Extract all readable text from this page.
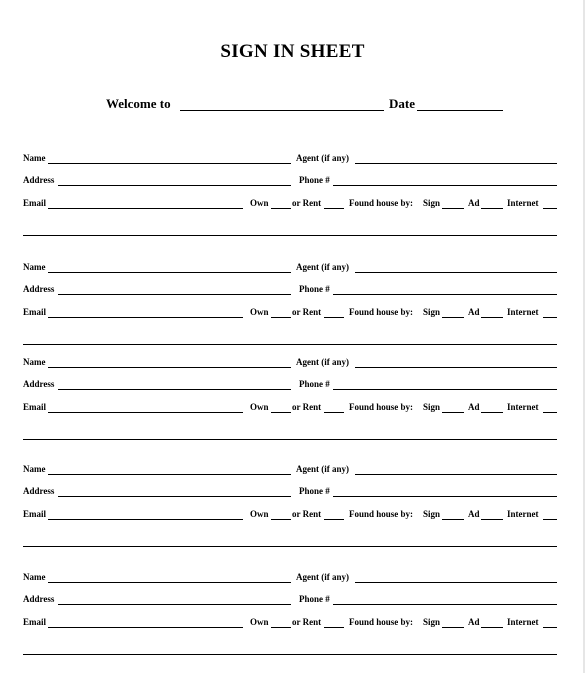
SIGN IN SHEET
Welcome to	Date
Name	Agent (if any)
Address	Phone #
Email	Own	or Rent	Found house by: Sign	Ad	Internet
Name	Agent (if any)
Address	Phone #
Email	Own	or Rent	Found house by: Sign	Ad	Internet
Name	Agent (if any)
Address	Phone #
Email	Own	or Rent	Found house by: Sign	Ad	Internet
Name	Agent (if any)
Address	Phone #
Email	Own	or Rent	Found house by: Sign	Ad	Internet
Name	Agent (if any)
Address	Phone #
Email	Own	or Rent	Found house by: Sign	Ad	Internet
